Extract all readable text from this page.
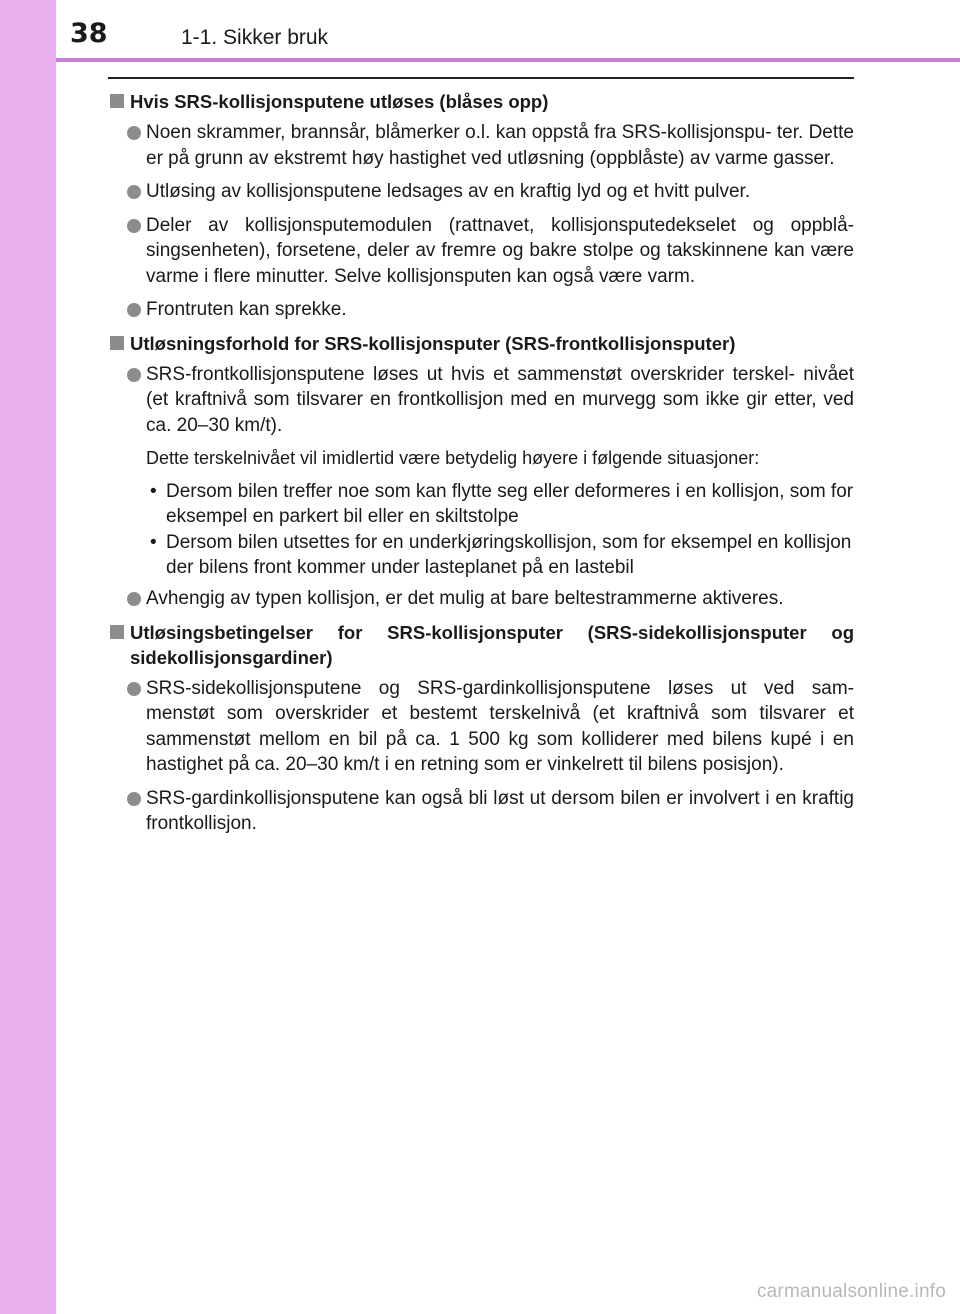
38	1-1. Sikker bruk
Hvis SRS-kollisjonsputene utløses (blåses opp)
Noen skrammer, brannsår, blåmerker o.l. kan oppstå fra SRS-kollisjonspu- ter. Dette er på grunn av ekstremt høy hastighet ved utløsning (oppblåste) av varme gasser.
Utløsing av kollisjonsputene ledsages av en kraftig lyd og et hvitt pulver.
Deler av kollisjonsputemodulen (rattnavet, kollisjonsputedekselet og oppblå- singsenheten), forsetene, deler av fremre og bakre stolpe og takskinnene kan være varme i flere minutter. Selve kollisjonsputen kan også være varm.
Frontruten kan sprekke.
Utløsningsforhold for SRS-kollisjonsputer (SRS-frontkollisjonsputer)
SRS-frontkollisjonsputene løses ut hvis et sammenstøt overskrider terskel- nivået (et kraftnivå som tilsvarer en frontkollisjon med en murvegg som ikke gir etter, ved ca. 20–30 km/t).
Dette terskelnivået vil imidlertid være betydelig høyere i følgende situasjoner:
• Dersom bilen treffer noe som kan flytte seg eller deformeres i en kollisjon, som for eksempel en parkert bil eller en skiltstolpe
• Dersom bilen utsettes for en underkjøringskollisjon, som for eksempel en kollisjon der bilens front kommer under lasteplanet på en lastebil
Avhengig av typen kollisjon, er det mulig at bare beltestrammerne aktiveres.
Utløsingsbetingelser for SRS-kollisjonsputer (SRS-sidekollisjonsputer og sidekollisjonsgardiner)
SRS-sidekollisjonsputene og SRS-gardinkollisjonsputene løses ut ved sam- menstøt som overskrider et bestemt terskelnivå (et kraftnivå som tilsvarer et sammenstøt mellom en bil på ca. 1 500 kg som kolliderer med bilens kupé i en hastighet på ca. 20–30 km/t i en retning som er vinkelrett til bilens posisjon).
SRS-gardinkollisjonsputene kan også bli løst ut dersom bilen er involvert i en kraftig frontkollisjon.
carmanualsonline.info
